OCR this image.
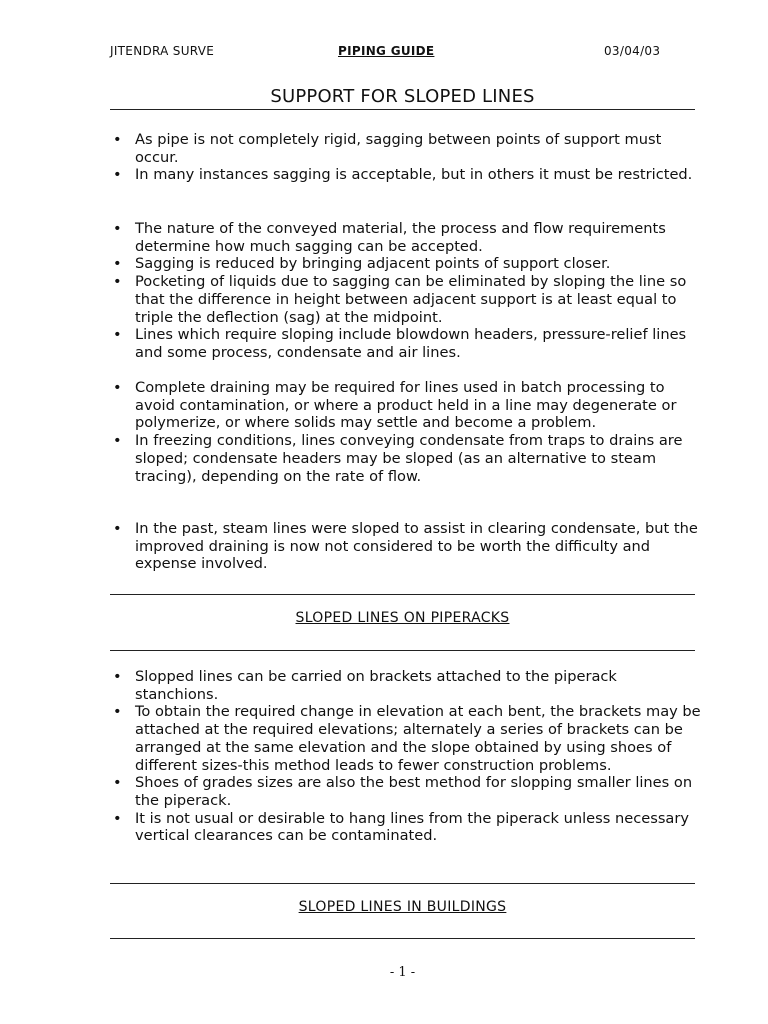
JITENDRA SURVE	PIPING GUIDE	03/04/03
SUPPORT FOR SLOPED LINES
• As pipe is not completely rigid, sagging between points of support must occur.
• In many instances sagging is acceptable, but in others it must be restricted.
• The nature of the conveyed material, the process and flow requirements determine how much sagging can be accepted.
• Sagging is reduced by bringing adjacent points of support closer.
• Pocketing of liquids due to sagging can be eliminated by sloping the line so that the difference in height between adjacent support is at least equal to triple the deflection (sag) at the midpoint.
• Lines which require sloping include blowdown headers, pressure-relief lines and some process, condensate and air lines.
• Complete draining may be required for lines used in batch processing to avoid contamination, or where a product held in a line may degenerate or polymerize, or where solids may settle and become a problem.
• In freezing conditions, lines conveying condensate from traps to drains are sloped; condensate headers may be sloped (as an alternative to steam tracing), depending on the rate of flow.
• In the past, steam lines were sloped to assist in clearing condensate, but the improved draining is now not considered to be worth the difficulty and expense involved.
SLOPED LINES ON PIPERACKS
• Slopped lines can be carried on brackets attached to the piperack stanchions.
• To obtain the required change in elevation at each bent, the brackets may be attached at the required elevations; alternately a series of brackets can be arranged at the same elevation and the slope obtained by using shoes of different sizes-this method leads to fewer construction problems.
• Shoes of grades sizes are also the best method for slopping smaller lines on the piperack.
• It is not usual or desirable to hang lines from the piperack unless necessary vertical clearances can be contaminated.
SLOPED LINES IN BUILDINGS
- 1 -
